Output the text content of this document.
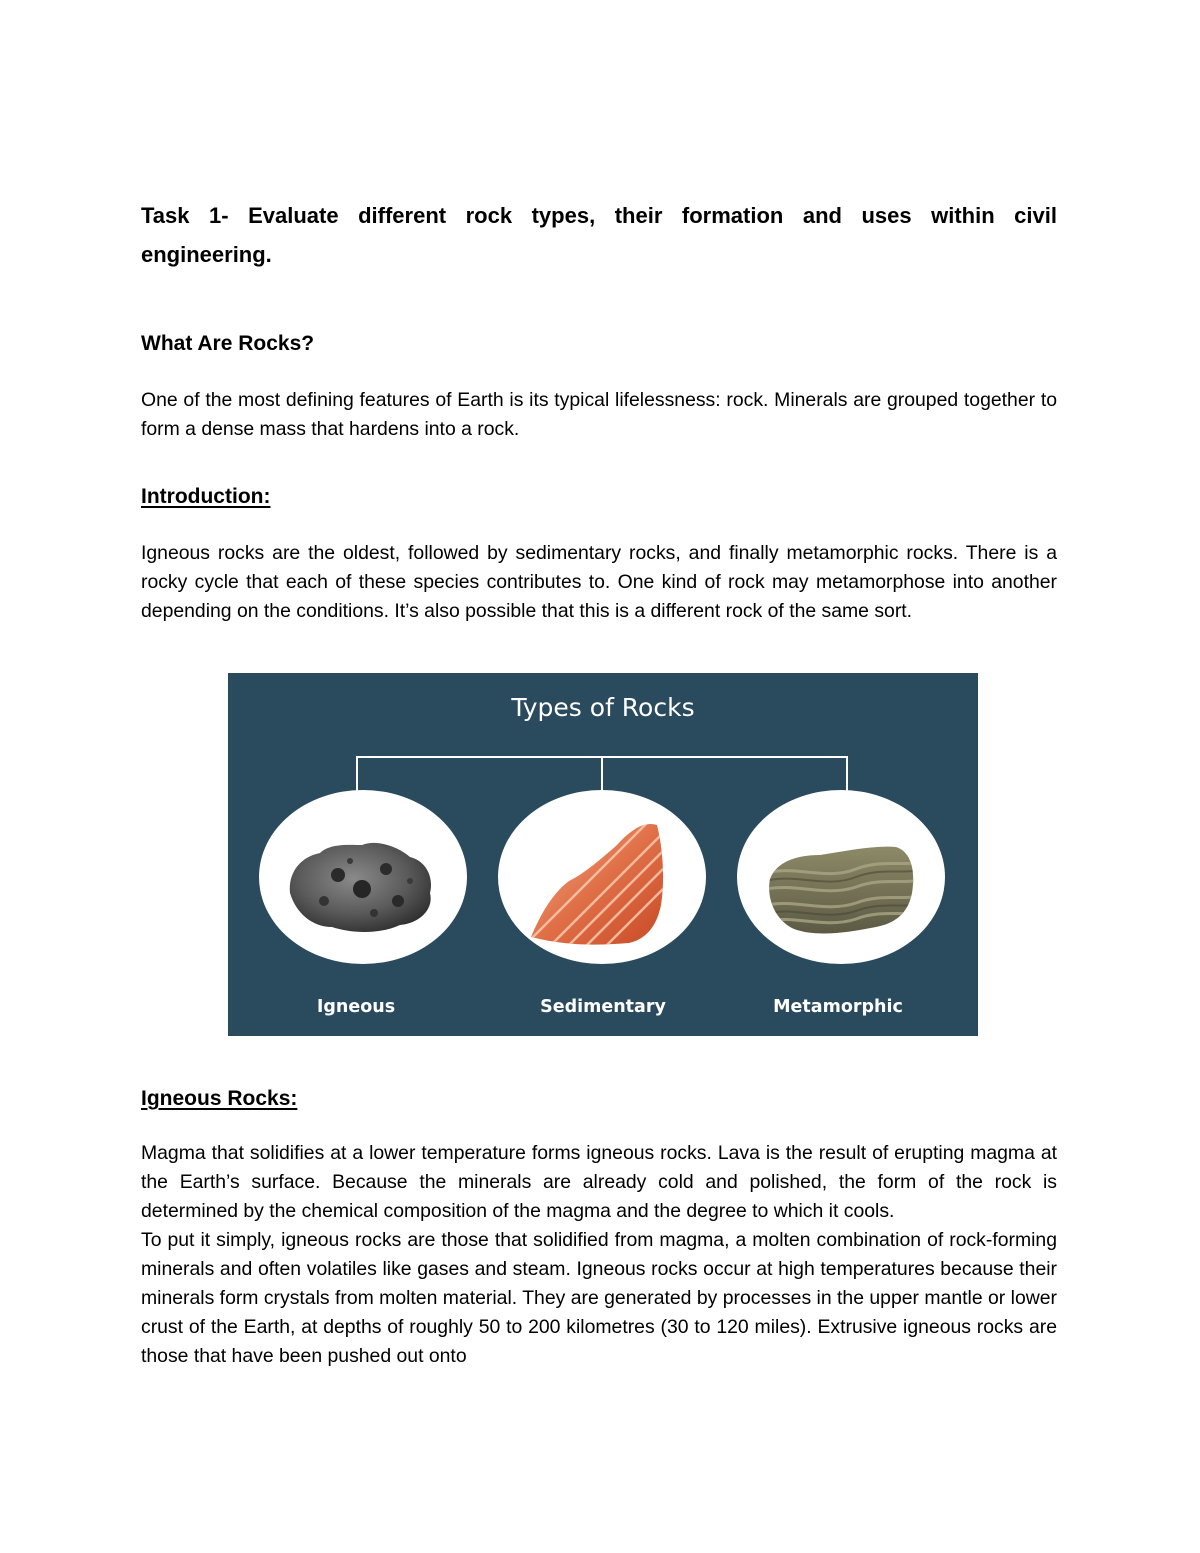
Task 1- Evaluate different rock types, their formation and uses within civil engineering.

What Are Rocks?

One of the most defining features of Earth is its typical lifelessness: rock. Minerals are grouped together to form a dense mass that hardens into a rock.

Introduction:

Igneous rocks are the oldest, followed by sedimentary rocks, and finally metamorphic rocks. There is a rocky cycle that each of these species contributes to. One kind of rock may metamorphose into another depending on the conditions. It’s also possible that this is a different rock of the same sort.

Types of Rocks
Igneous	Sedimentary	Metamorphic

Igneous Rocks:

Magma that solidifies at a lower temperature forms igneous rocks. Lava is the result of erupting magma at the Earth’s surface. Because the minerals are already cold and polished, the form of the rock is determined by the chemical composition of the magma and the degree to which it cools.

To put it simply, igneous rocks are those that solidified from magma, a molten combination of rock-forming minerals and often volatiles like gases and steam. Igneous rocks occur at high temperatures because their minerals form crystals from molten material. They are generated by processes in the upper mantle or lower crust of the Earth, at depths of roughly 50 to 200 kilometres (30 to 120 miles). Extrusive igneous rocks are those that have been pushed out onto
